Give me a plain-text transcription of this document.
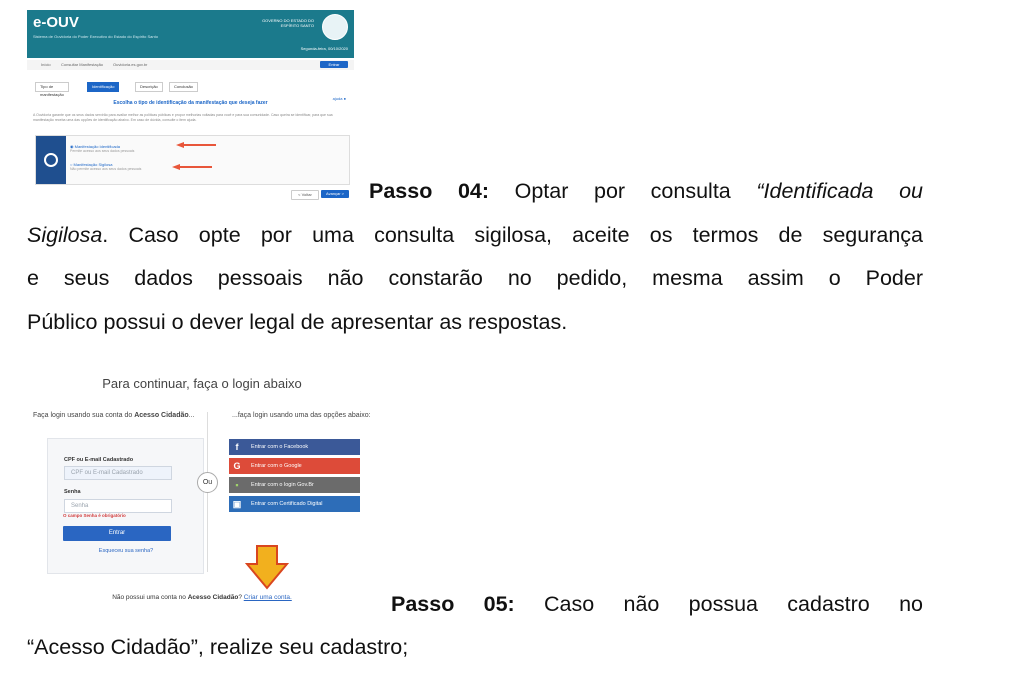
e-OUV
Sistema de Ouvidoria do Poder Executivo do Estado do Espírito Santo
GOVERNO DO ESTADO DO ESPÍRITO SANTO
Segunda-feira, 00/10/2020
Início	Consultar Manifestação Ouvidoria.es.gov.br	Entrar
Tipo de manifestação
Identificação	Descrição	Conclusão
ajuda ●
Escolha o tipo de identificação da manifestação que deseja fazer
A Ouvidoria garante que os seus dados servirão para avaliar melhor as políticas públicas e propor melhorias voltadas para você e para sua comunidade. Caso queira se identificar, para que sua manifestação receba uma das opções de identificação abaixo. Em caso de dúvida, consulte o item ajuda.
◉ Manifestação Identificada
Permite acesso aos seus dados pessoais
○ Manifestação Sigilosa
Não permite acesso aos seus dados pessoais
< Voltar	Avançar > Passo 04: Optar por consulta “Identificada ou
Sigilosa. Caso opte por uma consulta sigilosa, aceite os termos de segurança
e seus dados pessoais não constarão no pedido, mesma assim o Poder
Público possui o dever legal de apresentar as respostas.
Para continuar, faça o login abaixo
Faça login usando sua conta do Acesso Cidadão...	...faça login usando uma das opções abaixo:
CPF ou E-mail Cadastrado
CPF ou E-mail Cadastrado
Senha
Senha
O campo Senha é obrigatório
Entrar
Esqueceu sua senha?
Ou
f	Entrar com o Facebook
G	Entrar com o Google
▪	Entrar com o login Gov.Br
▣	Entrar com Certificado Digital
Não possui uma conta no Acesso Cidadão? Criar uma conta.	Passo 05: Caso não possua cadastro no
“Acesso Cidadão”, realize seu cadastro;
